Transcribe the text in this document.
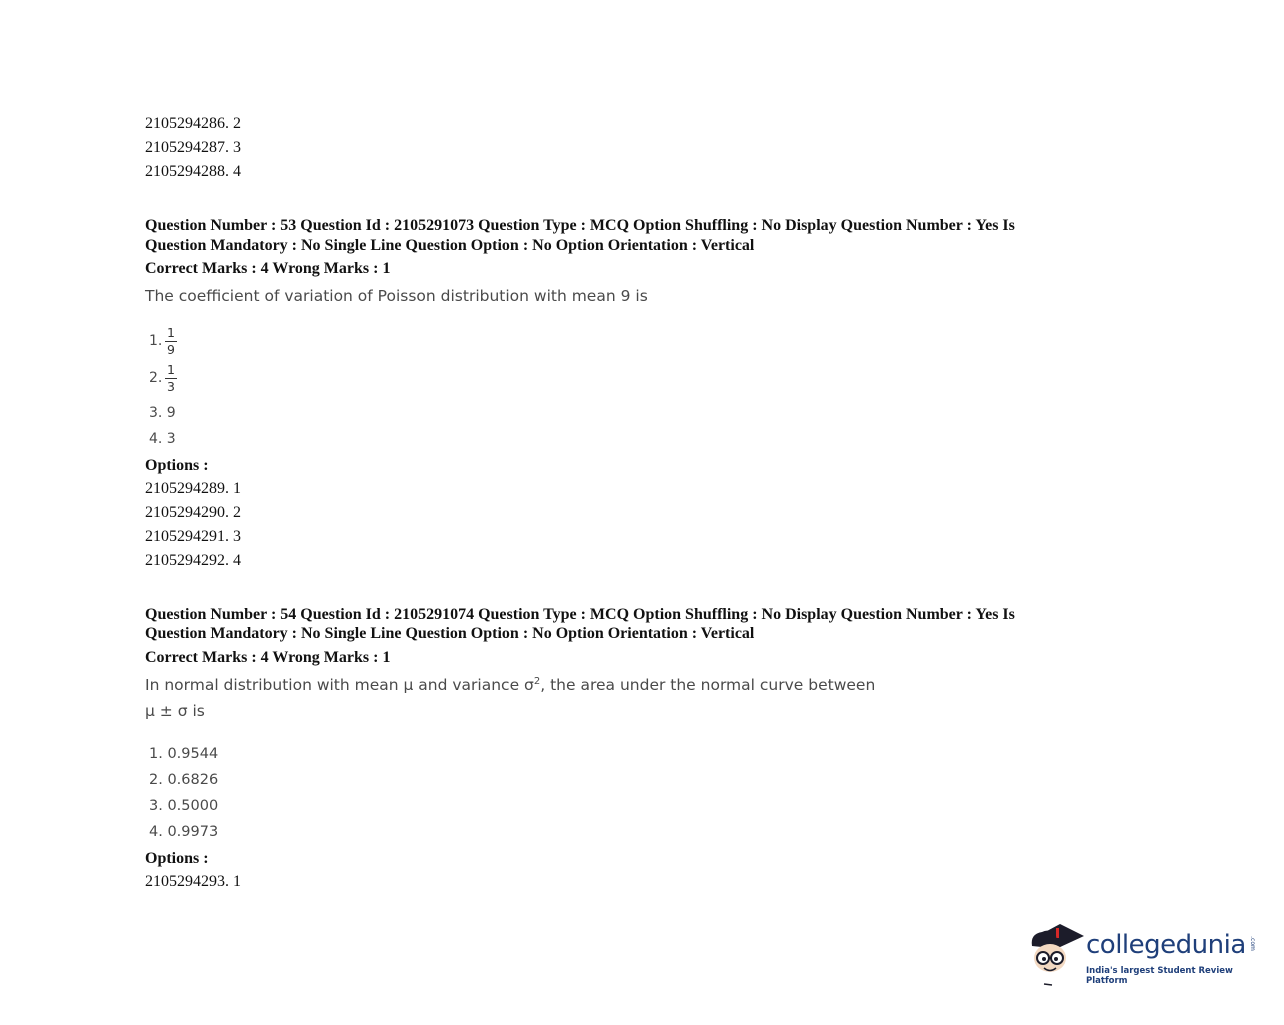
2105294286. 2
2105294287. 3
2105294288. 4
Question Number : 53 Question Id : 2105291073 Question Type : MCQ Option Shuffling : No Display Question Number : Yes Is
Question Mandatory : No Single Line Question Option : No Option Orientation : Vertical
Correct Marks : 4 Wrong Marks : 1
The coefficient of variation of Poisson distribution with mean 9 is
1.
1
9
2.
1
3
3. 9
4. 3
Options :
2105294289. 1
2105294290. 2
2105294291. 3
2105294292. 4
Question Number : 54 Question Id : 2105291074 Question Type : MCQ Option Shuffling : No Display Question Number : Yes Is
Question Mandatory : No Single Line Question Option : No Option Orientation : Vertical
Correct Marks : 4 Wrong Marks : 1
In normal distribution with mean μ and variance $\sigma^2$, the area under the normal curve between
μ ± σ is
1. 0.9544
2. 0.6826
3. 0.5000
4. 0.9973
Options :
2105294293. 1
collegedunia .com
India's largest Student Review Platform
